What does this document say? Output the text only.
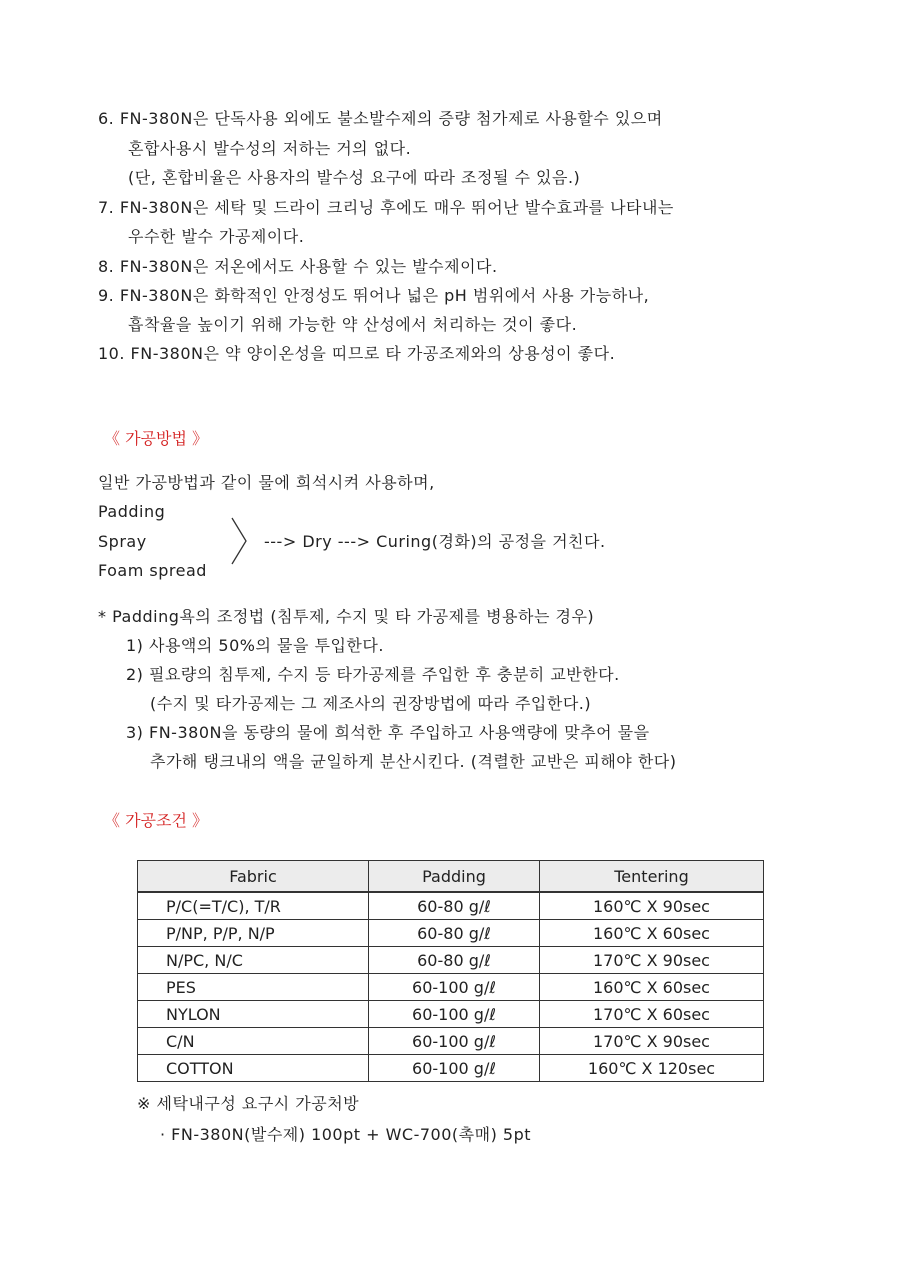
6. FN-380N은 단독사용 외에도 불소발수제의 증량 첨가제로 사용할수 있으며
혼합사용시 발수성의 저하는 거의 없다.
(단, 혼합비율은 사용자의 발수성 요구에 따라 조정될 수 있음.)
7. FN-380N은 세탁 및 드라이 크리닝 후에도 매우 뛰어난 발수효과를 나타내는
우수한 발수 가공제이다.
8. FN-380N은 저온에서도 사용할 수 있는 발수제이다.
9. FN-380N은 화학적인 안정성도 뛰어나 넓은 pH 범위에서 사용 가능하나,
흡착율을 높이기 위해 가능한 약 산성에서 처리하는 것이 좋다.
10. FN-380N은 약 양이온성을 띠므로 타 가공조제와의 상용성이 좋다.
《 가공방법 》
일반 가공방법과 같이 물에 희석시켜 사용하며,
Padding
Spray
Foam spread
---> Dry ---> Curing(경화)의 공정을 거친다.
* Padding욕의 조정법 (침투제, 수지 및 타 가공제를 병용하는 경우)
1) 사용액의 50%의 물을 투입한다.
2) 필요량의 침투제, 수지 등 타가공제를 주입한 후 충분히 교반한다.
(수지 및 타가공제는 그 제조사의 권장방법에 따라 주입한다.)
3) FN-380N을 동량의 물에 희석한 후 주입하고 사용액량에 맞추어 물을
추가해 탱크내의 액을 균일하게 분산시킨다. (격렬한 교반은 피해야 한다)
《 가공조건 》
Fabric	Padding	Tentering
P/C(=T/C), T/R	60-80 g/ℓ	160℃ X 90sec
P/NP, P/P, N/P	60-80 g/ℓ	160℃ X 60sec
N/PC, N/C	60-80 g/ℓ	170℃ X 90sec
PES	60-100 g/ℓ	160℃ X 60sec
NYLON	60-100 g/ℓ	170℃ X 60sec
C/N	60-100 g/ℓ	170℃ X 90sec
COTTON	60-100 g/ℓ	160℃ X 120sec
※ 세탁내구성 요구시 가공처방
· FN-380N(발수제) 100pt + WC-700(촉매) 5pt
